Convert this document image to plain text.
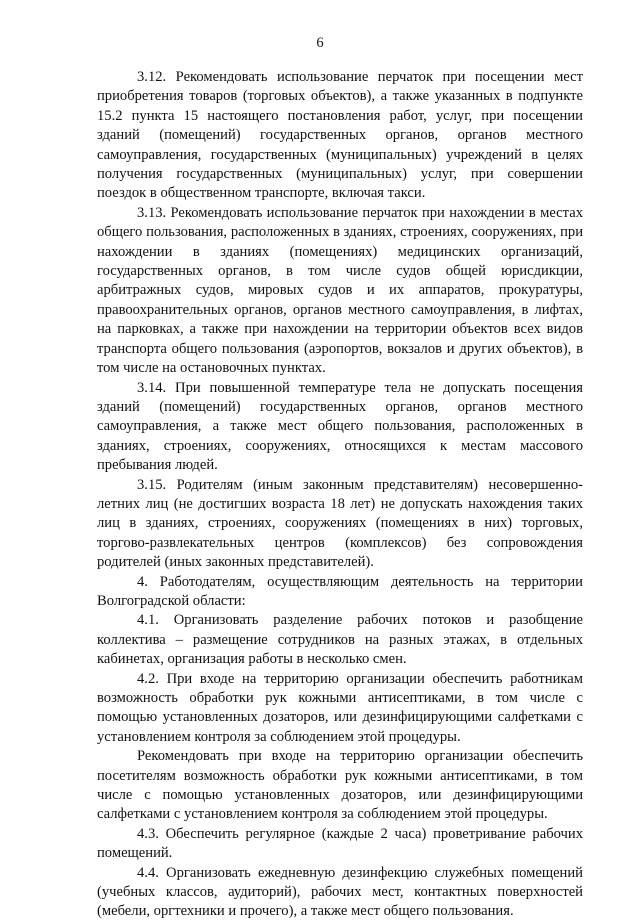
6

3.12. Рекомендовать использование перчаток при посещении мест приобретения товаров (торговых объектов), а также указанных в подпункте 15.2 пункта 15 настоящего постановления работ, услуг, при посещении зданий (помещений) государственных органов, органов местного самоуправления, государственных (муниципальных) учреждений в целях получения государственных (муниципальных) услуг, при совершении поездок в общественном транспорте, включая такси.

3.13. Рекомендовать использование перчаток при нахождении в местах общего пользования, расположенных в зданиях, строениях, сооружениях, при нахождении в зданиях (помещениях) медицинских организаций, государственных органов, в том числе судов общей юрисдикции, арбитражных судов, мировых судов и их аппаратов, прокуратуры, правоохранительных органов, органов местного самоуправления, в лифтах, на парковках, а также при нахождении на территории объектов всех видов транспорта общего пользования (аэропортов, вокзалов и других объектов), в том числе на остановочных пунктах.

3.14. При повышенной температуре тела не допускать посещения зданий (помещений) государственных органов, органов местного самоуправления, а также мест общего пользования, расположенных в зданиях, строениях, сооружениях, относящихся к местам массового пребывания людей.

3.15. Родителям (иным законным представителям) несовершенно-летних лиц (не достигших возраста 18 лет) не допускать нахождения таких лиц в зданиях, строениях, сооружениях (помещениях в них) торговых, торгово-развлекательных центров (комплексов) без сопровождения родителей (иных законных представителей).

4. Работодателям, осуществляющим деятельность на территории Волгоградской области:

4.1. Организовать разделение рабочих потоков и разобщение коллектива – размещение сотрудников на разных этажах, в отдельных кабинетах, организация работы в несколько смен.

4.2. При входе на территорию организации обеспечить работникам возможность обработки рук кожными антисептиками, в том числе с помощью установленных дозаторов, или дезинфицирующими салфетками с установлением контроля за соблюдением этой процедуры.

Рекомендовать при входе на территорию организации обеспечить посетителям возможность обработки рук кожными антисептиками, в том числе с помощью установленных дозаторов, или дезинфицирующими салфетками с установлением контроля за соблюдением этой процедуры.

4.3. Обеспечить регулярное (каждые 2 часа) проветривание рабочих помещений.

4.4. Организовать ежедневную дезинфекцию служебных помещений (учебных классов, аудиторий), рабочих мест, контактных поверхностей (мебели, оргтехники и прочего), а также мест общего пользования.
